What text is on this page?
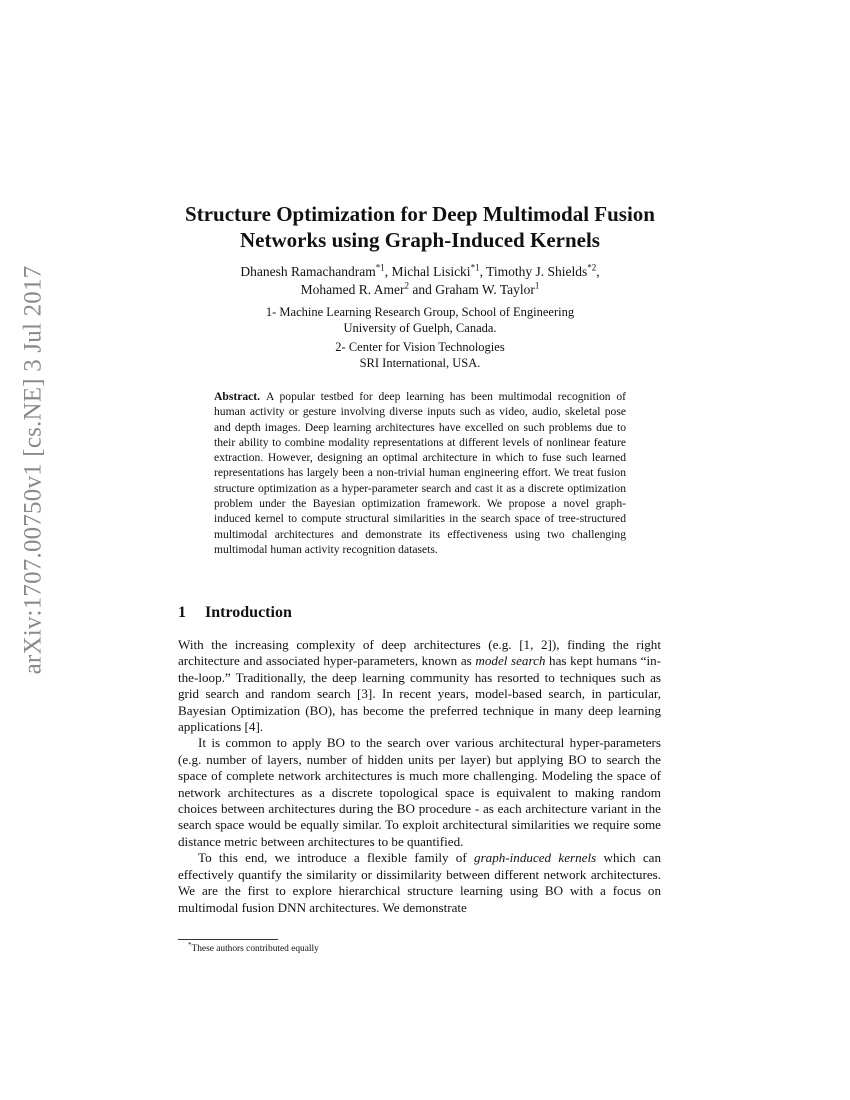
arXiv:1707.00750v1 [cs.NE] 3 Jul 2017
Structure Optimization for Deep Multimodal Fusion Networks using Graph-Induced Kernels
Dhanesh Ramachandram$^{*1}$, Michal Lisicki$^{*1}$, Timothy J. Shields$^{*2}$,
Mohamed R. Amer$^2$ and Graham W. Taylor$^1$
1- Machine Learning Research Group, School of Engineering
University of Guelph, Canada.
2- Center for Vision Technologies
SRI International, USA.

Abstract. A popular testbed for deep learning has been multimodal recognition of human activity or gesture involving diverse inputs such as video, audio, skeletal pose and depth images. Deep learning architectures have excelled on such problems due to their ability to combine modality representations at different levels of nonlinear feature extraction. However, designing an optimal architecture in which to fuse such learned representations has largely been a non-trivial human engineering effort. We treat fusion structure optimization as a hyper-parameter search and cast it as a discrete optimization problem under the Bayesian optimization framework. We propose a novel graph-induced kernel to compute structural similarities in the search space of tree-structured multimodal architectures and demonstrate its effectiveness using two challenging multimodal human activity recognition datasets.

1 Introduction

With the increasing complexity of deep architectures (e.g. [1, 2]), finding the right architecture and associated hyper-parameters, known as model search has kept humans “in-the-loop.” Traditionally, the deep learning community has resorted to techniques such as grid search and random search [3]. In recent years, model-based search, in particular, Bayesian Optimization (BO), has become the preferred technique in many deep learning applications [4].

It is common to apply BO to the search over various architectural hyper-parameters (e.g. number of layers, number of hidden units per layer) but applying BO to search the space of complete network architectures is much more challenging. Modeling the space of network architectures as a discrete topological space is equivalent to making random choices between architectures during the BO procedure - as each architecture variant in the search space would be equally similar. To exploit architectural similarities we require some distance metric between architectures to be quantified.

To this end, we introduce a flexible family of graph-induced kernels which can effectively quantify the similarity or dissimilarity between different network architectures. We are the first to explore hierarchical structure learning using BO with a focus on multimodal fusion DNN architectures. We demonstrate

*These authors contributed equally
